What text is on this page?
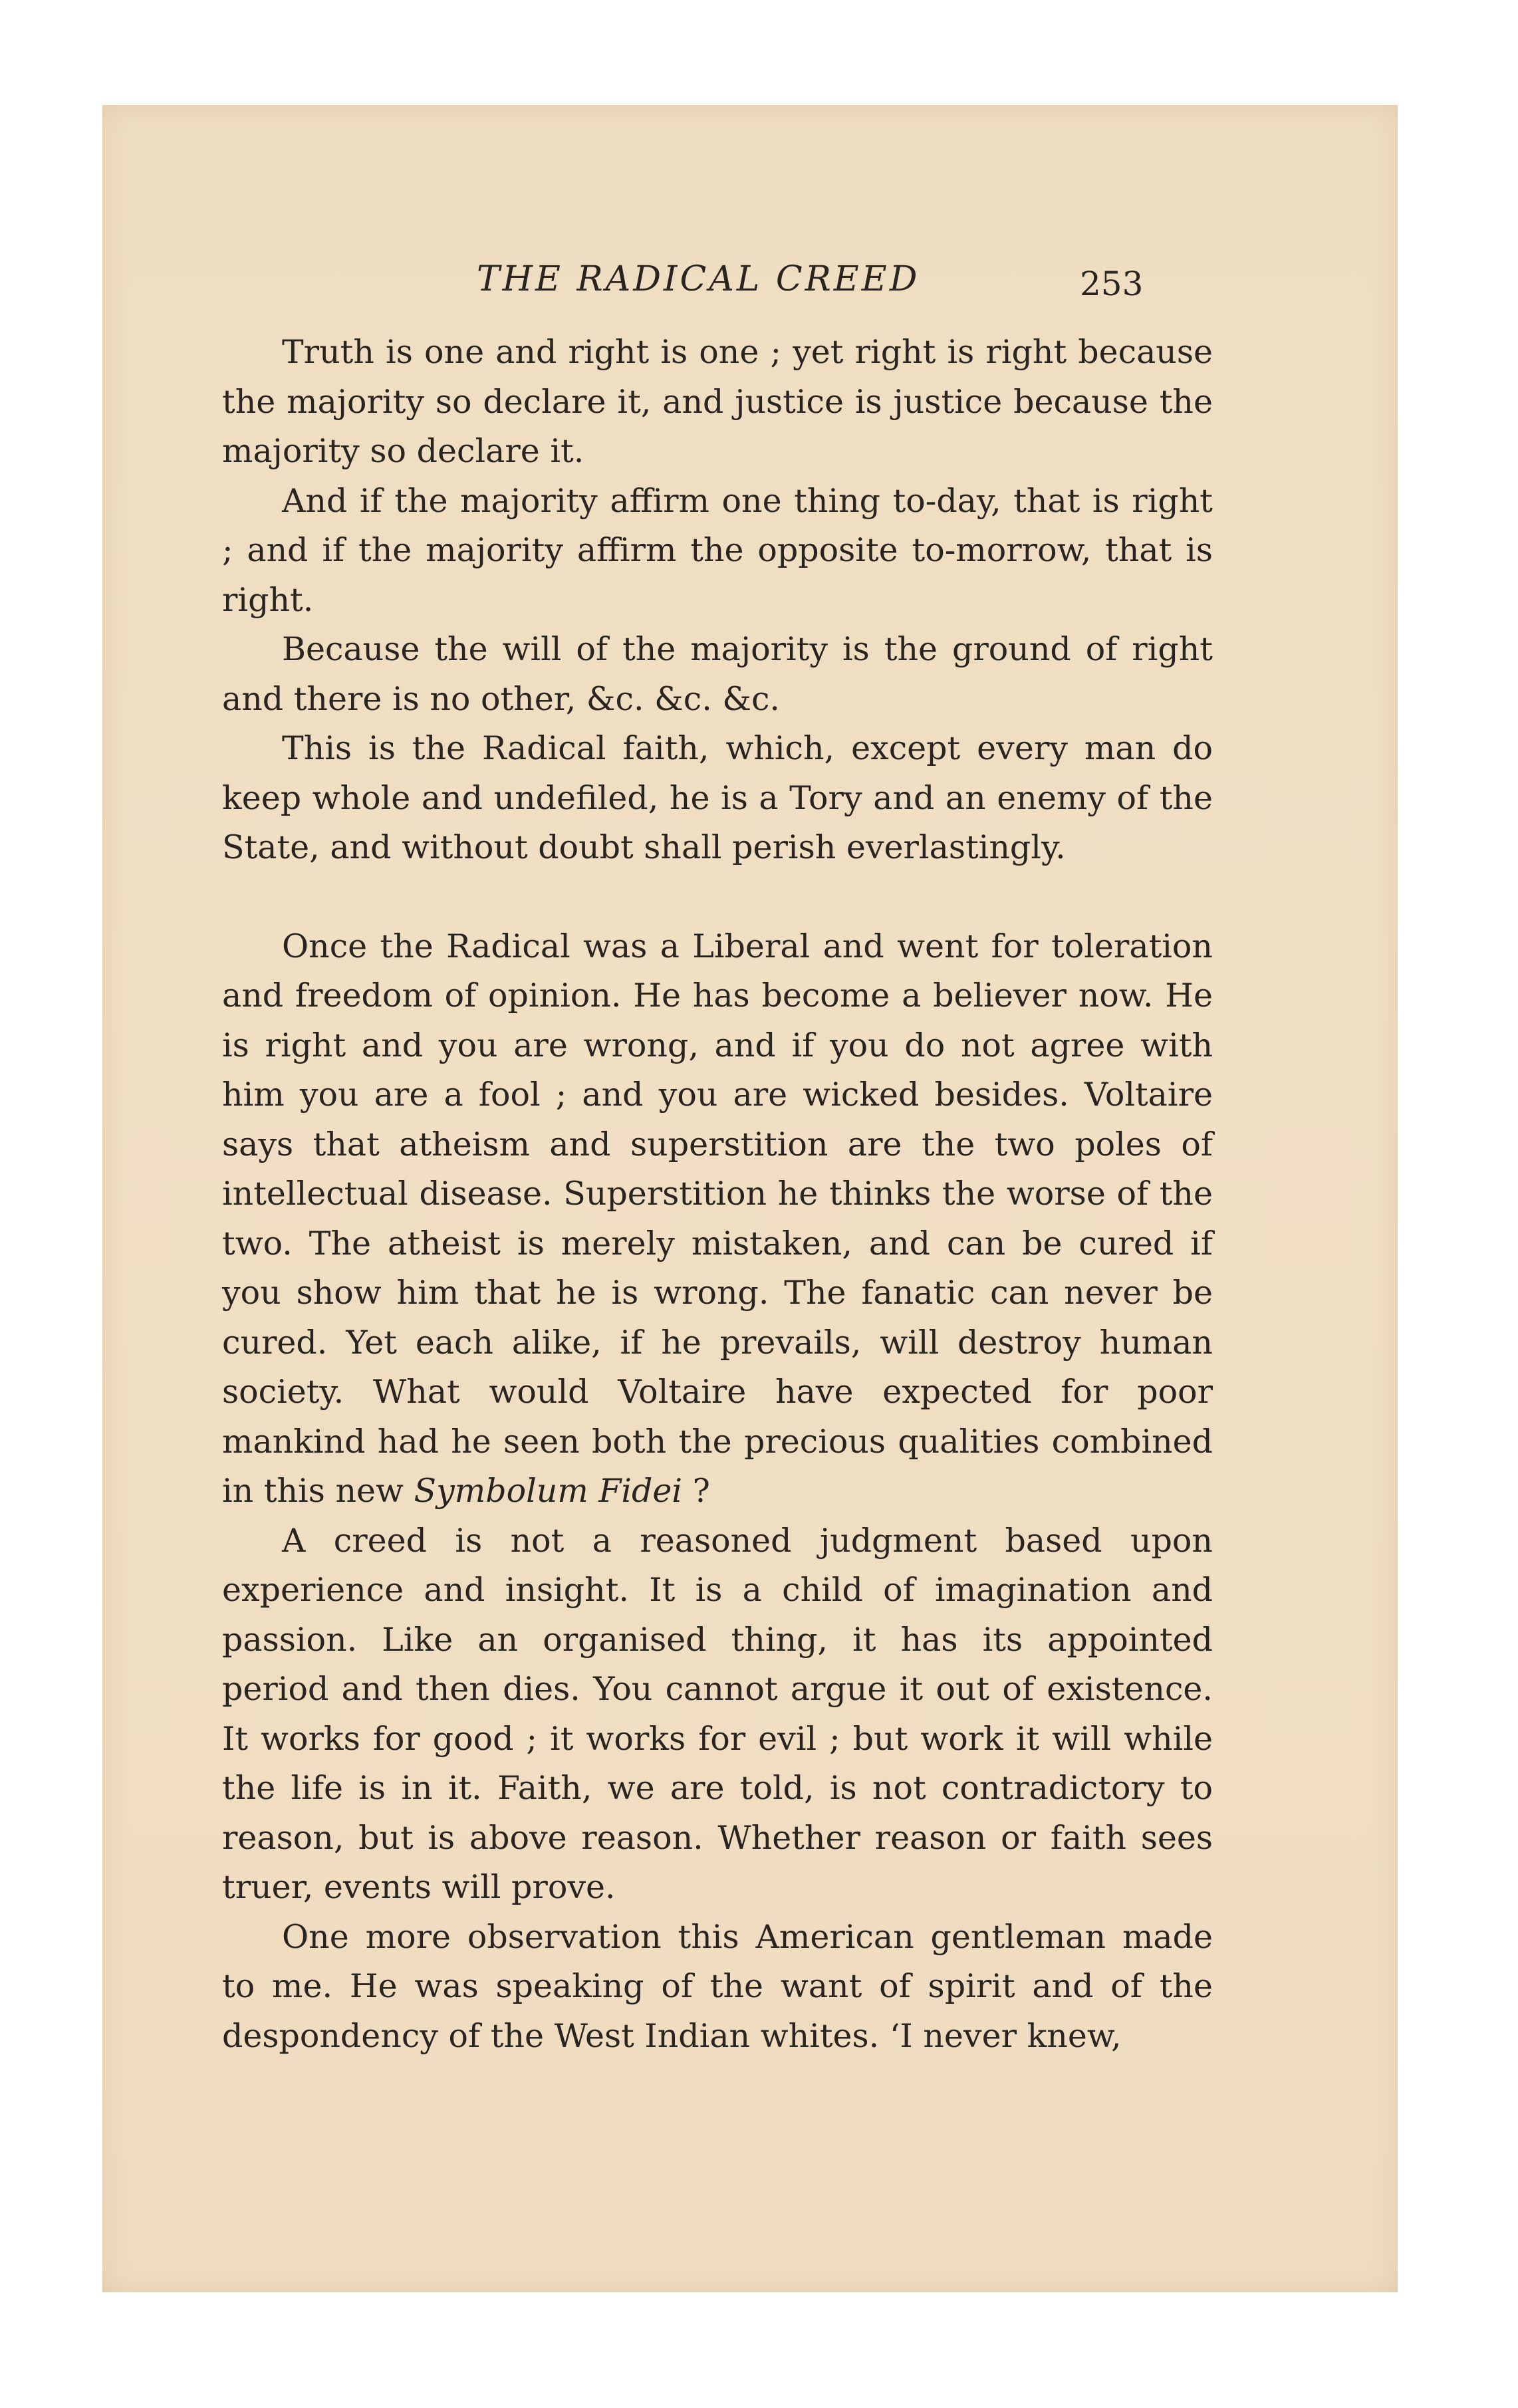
THE RADICAL CREED	253

Truth is one and right is one ; yet right is right because the majority so declare it, and justice is justice because the majority so declare it.

And if the majority affirm one thing to-day, that is right ; and if the majority affirm the opposite to-morrow, that is right.

Because the will of the majority is the ground of right and there is no other, &c. &c. &c.

This is the Radical faith, which, except every man do keep whole and undefiled, he is a Tory and an enemy of the State, and without doubt shall perish everlastingly.

Once the Radical was a Liberal and went for toleration and freedom of opinion. He has become a believer now. He is right and you are wrong, and if you do not agree with him you are a fool ; and you are wicked besides. Voltaire says that atheism and superstition are the two poles of intellectual disease. Superstition he thinks the worse of the two. The atheist is merely mistaken, and can be cured if you show him that he is wrong. The fanatic can never be cured. Yet each alike, if he prevails, will destroy human society. What would Voltaire have expected for poor mankind had he seen both the precious qualities combined in this new Symbolum Fidei ?

A creed is not a reasoned judgment based upon experience and insight. It is a child of imagination and passion. Like an organised thing, it has its appointed period and then dies. You cannot argue it out of existence. It works for good ; it works for evil ; but work it will while the life is in it. Faith, we are told, is not contradictory to reason, but is above reason. Whether reason or faith sees truer, events will prove.

One more observation this American gentleman made to me. He was speaking of the want of spirit and of the despondency of the West Indian whites. ‘I never knew,
